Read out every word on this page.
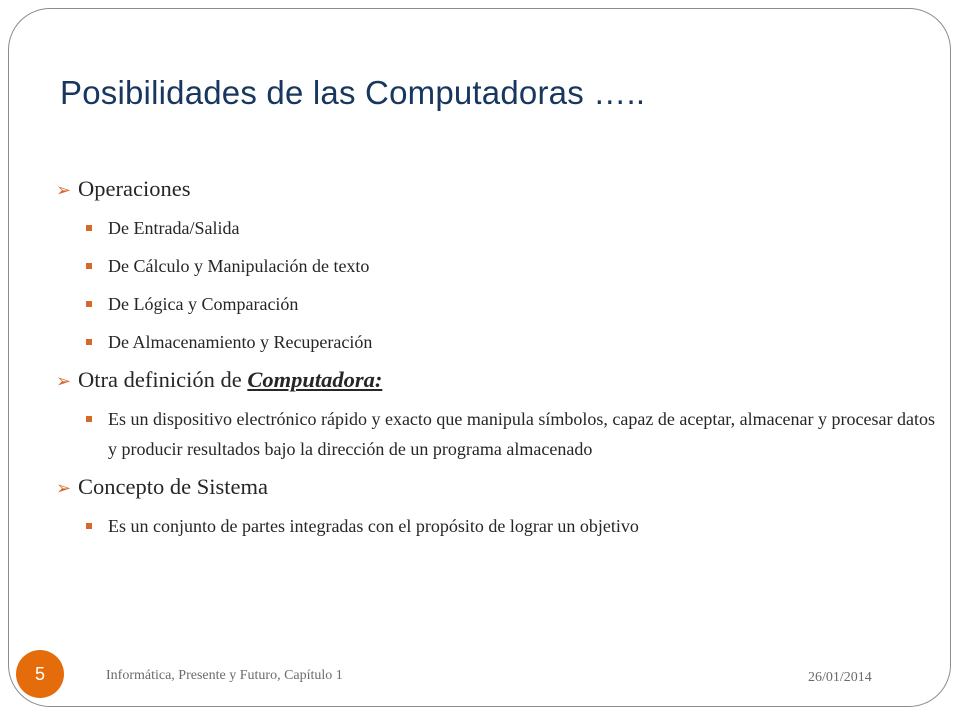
Posibilidades de las Computadoras …..
➢ Operaciones
De Entrada/Salida
De Cálculo y Manipulación de texto
De Lógica y Comparación
De Almacenamiento y Recuperación
➢ Otra definición de Computadora:
Es un dispositivo electrónico rápido y exacto que manipula símbolos, capaz de aceptar, almacenar y procesar datos y producir resultados bajo la dirección de un programa almacenado
➢ Concepto de Sistema
Es un conjunto de partes integradas con el propósito de lograr un objetivo
5	Informática, Presente y Futuro, Capítulo 1	26/01/2014
